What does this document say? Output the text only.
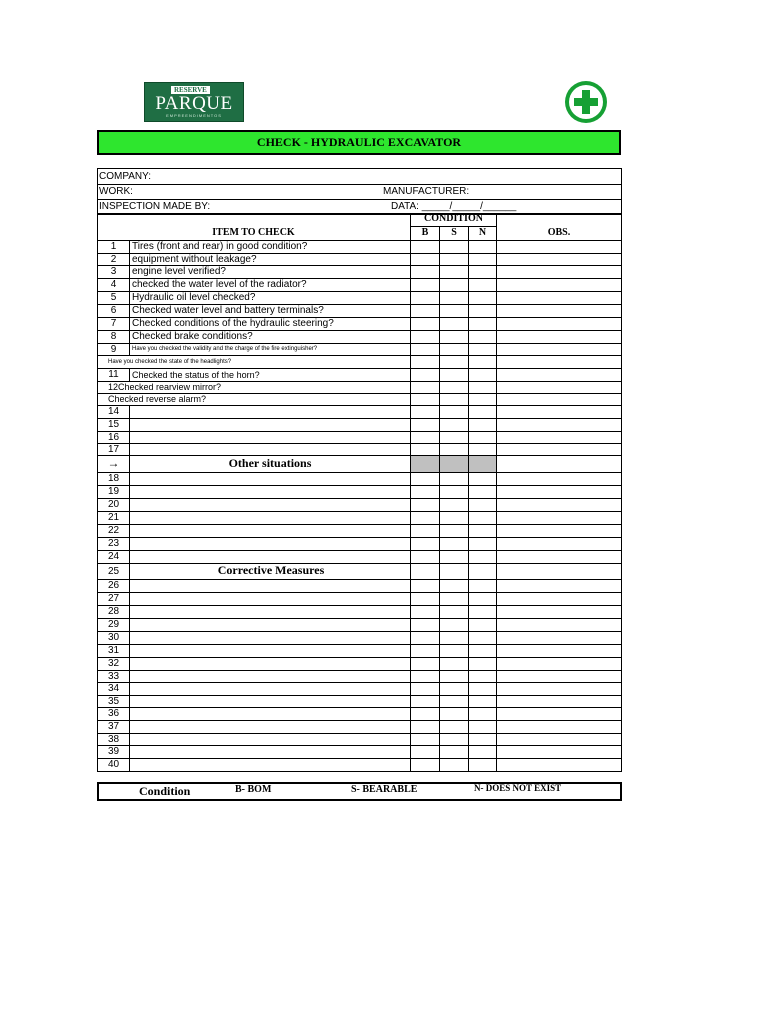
RESERVE
PARQUE
EMPREENDIMENTOS
CHECK - HYDRAULIC EXCAVATOR
COMPANY:
WORK:	MANUFACTURER:
INSPECTION MADE BY:	DATA: _____/_____/______
ITEM TO CHECK
CONDITION
B	S	N	OBS.
1	Tires (front and rear) in good condition?
2	equipment without leakage?
3	engine level verified?
4	checked the water level of the radiator?
5	Hydraulic oil level checked?
6	Checked water level and battery terminals?
7	Checked conditions of the hydraulic steering?
8	Checked brake conditions?
9	Have you checked the validity and the charge of the fire extinguisher?
Have you checked the state of the headlights?
11	Checked the status of the horn?
12Checked rearview mirror?
Checked reverse alarm?
14
15
16
17
→	Other situations
18
19
20
21
22
23
24
25	Corrective Measures
26
27
28
29
30
31
32
33
34
35
36
37
38
39
40
Condition	B- BOM	S- BEARABLE	N- DOES NOT EXIST
